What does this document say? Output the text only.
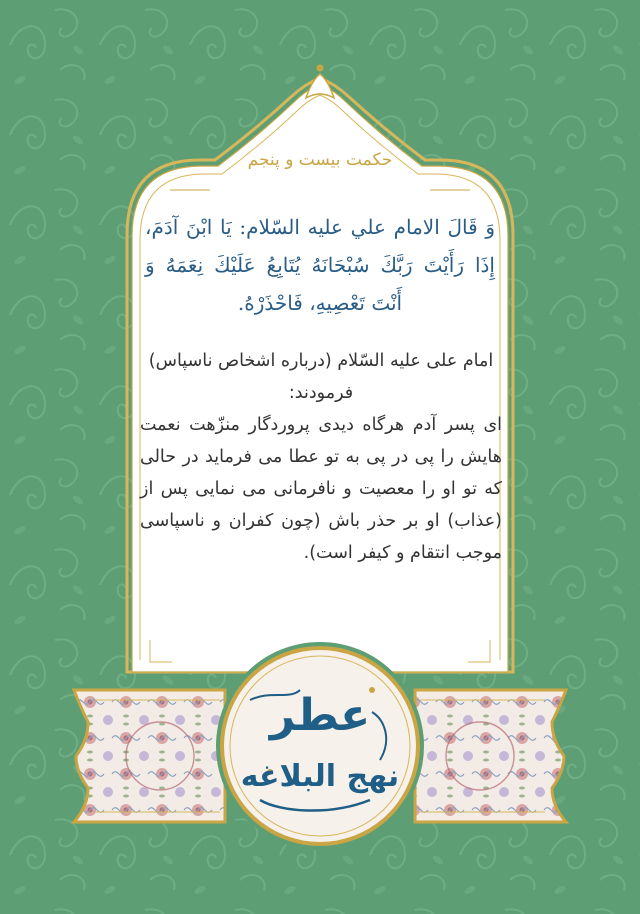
حکمت بیست و پنجم
وَ قَالَ الامام علي عليه السّلام: يَا ابْنَ آدَمَ، إِذَا رَأَيْتَ رَبَّكَ سُبْحَانَهُ يُتَابِعُ عَلَيْكَ نِعَمَهُ وَ أَنْتَ تَعْصِيهِ، فَاحْذَرْهُ.
امام علی علیه السّلام (درباره اشخاص ناسپاس) فرمودند:
ای پسر آدم هرگاه دیدی پروردگار منزّهت نعمت هایش را پی در پی به تو عطا می فرماید در حالی که تو او را معصیت و نافرمانی می نمایی پس از (عذاب) او بر حذر باش (چون کفران و ناسپاسی موجب انتقام و کیفر است).
عطر
نهج البلاغه
